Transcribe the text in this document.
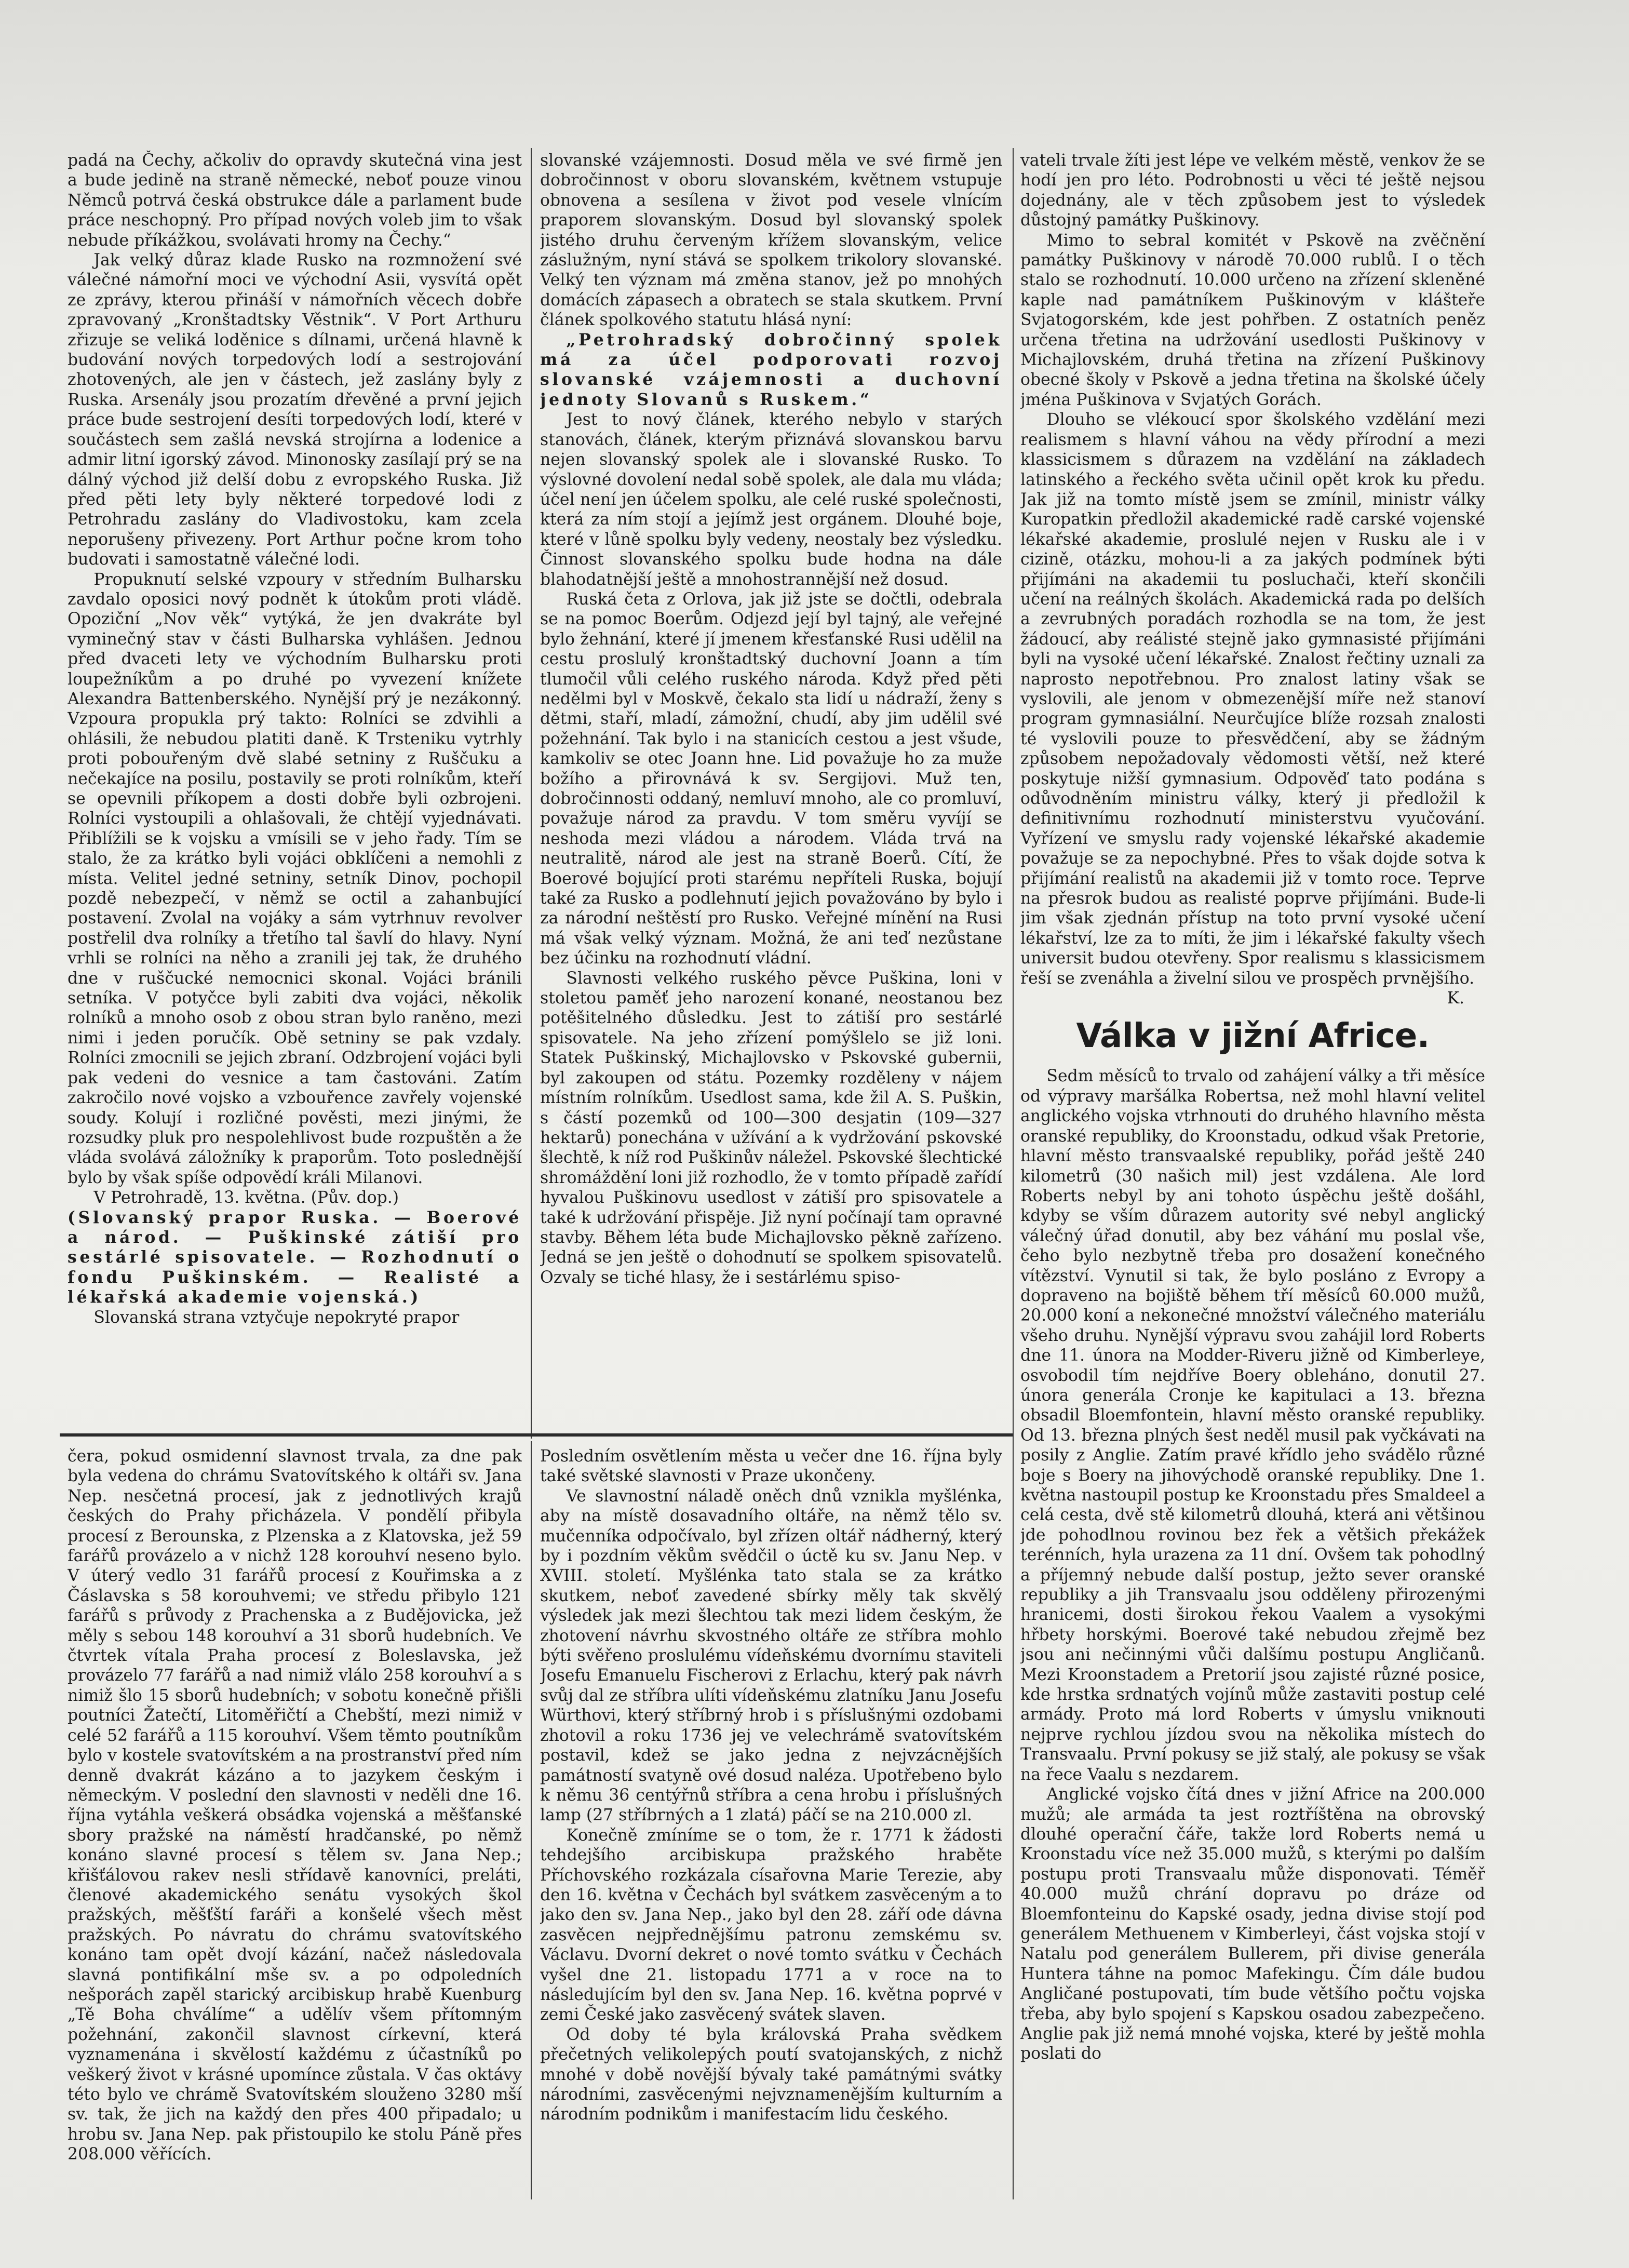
padá na Čechy, ačkoliv do opravdy skutečná vina jest a bude jedině na straně německé, neboť pouze vinou Němců potrvá česká obstrukce dále a parlament bude práce neschopný. Pro případ nových voleb jim to však nebude příkážkou, svolávati hromy na Čechy.“

Jak velký důraz klade Rusko na rozmnožení své válečné námořní moci ve východní Asii, vysvítá opět ze zprávy, kterou přináší v námořních věcech dobře zpravovaný „Kronštadtsky Věstnik“. V Port Arthuru zřizuje se veliká loděnice s dílnami, určená hlavně k budování nových torpedových lodí a sestrojování zhotovených, ale jen v částech, jež zaslány byly z Ruska. Arsenály jsou prozatím dřevěné a první jejich práce bude sestrojení desíti torpedových lodí, které v součástech sem zašlá nevská strojírna a lodenice a admir litní igorský závod. Minonosky zasílají prý se na dálný východ již delší dobu z evropského Ruska. Již před pěti lety byly některé torpedové lodi z Petrohradu zaslány do Vladivostoku, kam zcela neporušeny přivezeny. Port Arthur počne krom toho budovati i samostatně válečné lodi.

Propuknutí selské vzpoury v středním Bulharsku zavdalo oposici nový podnět k útokům proti vládě. Opoziční „Nov věk“ vytýká, že jen dvakráte byl vyminečný stav v části Bulharska vyhlášen. Jednou před dvaceti lety ve východním Bulharsku proti loupežníkům a po druhé po vyvezení knížete Alexandra Battenberského. Nynější prý je nezákonný. Vzpoura propukla prý takto: Rolníci se zdvihli a ohlásili, že nebudou platiti daně. K Trsteniku vytrhly proti pobouřeným dvě slabé setniny z Ruščuku a nečekajíce na posilu, postavily se proti rolníkům, kteří se opevnili příkopem a dosti dobře byli ozbrojeni. Rolníci vystoupili a ohlašovali, že chtějí vyjednávati. Přiblížili se k vojsku a vmísili se v jeho řady. Tím se stalo, že za krátko byli vojáci obklíčeni a nemohli z místa. Velitel jedné setniny, setník Dinov, pochopil pozdě nebezpečí, v němž se octil a zahanbující postavení. Zvolal na vojáky a sám vytrhnuv revolver postřelil dva rolníky a třetího tal šavlí do hlavy. Nyní vrhli se rolníci na něho a zranili jej tak, že druhého dne v ruščucké nemocnici skonal. Vojáci bránili setníka. V potyčce byli zabiti dva vojáci, několik rolníků a mnoho osob z obou stran bylo raněno, mezi nimi i jeden poručík. Obě setniny se pak vzdaly. Rolníci zmocnili se jejich zbraní. Odzbrojení vojáci byli pak vedeni do vesnice a tam častováni. Zatím zakročilo nové vojsko a vzbouřence zavřely vojenské soudy. Kolují i rozličné pověsti, mezi jinými, že rozsudky pluk pro nespolehlivost bude rozpuštěn a že vláda svolává záložníky k praporům. Toto poslednější bylo by však spíše odpovědí králi Milanovi.

V Petrohradě, 13. května. (Pův. dop.)

(Slovanský prapor Ruska. — Boerové a národ. — Puškinské zátiší pro sestárlé spisovatele. — Rozhodnutí o fondu Puškinském. — Realisté a lékařská akademie vojenská.)

Slovanská strana vztyčuje nepokryté prapor

slovanské vzájemnosti. Dosud měla ve své firmě jen dobročinnost v oboru slovanském, květnem vstupuje obnovena a sesílena v život pod vesele vlnícím praporem slovanským. Dosud byl slovanský spolek jistého druhu červeným křížem slovanským, velice záslužným, nyní stává se spolkem trikolory slovanské. Velký ten význam má změna stanov, jež po mnohých domácích zápasech a obratech se stala skutkem. První článek spolkového statutu hlásá nyní:

„Petrohradský dobročinný spolek má za účel podporovati rozvoj slovanské vzájemnosti a duchovní jednoty Slovanů s Ruskem.“

Jest to nový článek, kterého nebylo v starých stanovách, článek, kterým přiznává slovanskou barvu nejen slovanský spolek ale i slovanské Rusko. To výslovné dovolení nedal sobě spolek, ale dala mu vláda; účel není jen účelem spolku, ale celé ruské společnosti, která za ním stojí a jejímž jest orgánem. Dlouhé boje, které v lůně spolku byly vedeny, neostaly bez výsledku. Činnost slovanského spolku bude hodna na dále blahodatnější ještě a mnohostrannější než dosud.

Ruská četa z Orlova, jak již jste se dočtli, odebrala se na pomoc Boerům. Odjezd její byl tajný, ale veřejné bylo žehnání, které jí jmenem křesťanské Rusi udělil na cestu proslulý kronštadtský duchovní Joann a tím tlumočil vůli celého ruského národa. Když před pěti nedělmi byl v Moskvě, čekalo sta lidí u nádraží, ženy s dětmi, staří, mladí, zámožní, chudí, aby jim udělil své požehnání. Tak bylo i na stanicích cestou a jest všude, kamkoliv se otec Joann hne. Lid považuje ho za muže božího a přirovnává k sv. Sergijovi. Muž ten, dobročinnosti oddaný, nemluví mnoho, ale co promluví, považuje národ za pravdu. V tom směru vyvíjí se neshoda mezi vládou a národem. Vláda trvá na neutralitě, národ ale jest na straně Boerů. Cítí, že Boerové bojující proti starému nepříteli Ruska, bojují také za Rusko a podlehnutí jejich považováno by bylo i za národní neštěstí pro Rusko. Veřejné mínění na Rusi má však velký význam. Možná, že ani teď nezůstane bez účinku na rozhodnutí vládní.

Slavnosti velkého ruského pěvce Puškina, loni v stoletou paměť jeho narození konané, neostanou bez potěšitelného důsledku. Jest to zátiší pro sestárlé spisovatele. Na jeho zřízení pomýšlelo se již loni. Statek Puškinský, Michajlovsko v Pskovské gubernii, byl zakoupen od státu. Pozemky rozděleny v nájem místním rolníkům. Usedlost sama, kde žil A. S. Puškin, s částí pozemků od 100—300 desjatin (109—327 hektarů) ponechána v užívání a k vydržování pskovské šlechtě, k níž rod Puškinův náležel. Pskovské šlechtické shromáždění loni již rozhodlo, že v tomto případě zařídí hyvalou Puškinovu usedlost v zátiší pro spisovatele a také k udržování přispěje. Již nyní počínají tam opravné stavby. Během léta bude Michajlovsko pěkně zařízeno. Jedná se jen ještě o dohodnutí se spolkem spisovatelů. Ozvaly se tiché hlasy, že i sestárlému spiso-

vateli trvale žíti jest lépe ve velkém městě, venkov že se hodí jen pro léto. Podrobnosti u věci té ještě nejsou dojednány, ale v těch způsobem jest to výsledek důstojný památky Puškinovy.

Mimo to sebral komitét v Pskově na zvěčnění památky Puškinovy v národě 70.000 rublů. I o těch stalo se rozhodnutí. 10.000 určeno na zřízení skleněné kaple nad památníkem Puškinovým v klášteře Svjatogorském, kde jest pohřben. Z ostatních peněz určena třetina na udržování usedlosti Puškinovy v Michajlovském, druhá třetina na zřízení Puškinovy obecné školy v Pskově a jedna třetina na školské účely jména Puškinova v Svjatých Gorách.

Dlouho se vlékoucí spor školského vzdělání mezi realismem s hlavní váhou na vědy přírodní a mezi klassicismem s důrazem na vzdělání na základech latinského a řeckého světa učinil opět krok ku předu. Jak již na tomto místě jsem se zmínil, ministr války Kuropatkin předložil akademické radě carské vojenské lékařské akademie, proslulé nejen v Rusku ale i v cizině, otázku, mohou-li a za jakých podmínek býti přijímáni na akademii tu posluchači, kteří skončili učení na reálných školách. Akademická rada po delších a zevrubných poradách rozhodla se na tom, že jest žádoucí, aby reálisté stejně jako gymnasisté přijímáni byli na vysoké učení lékařské. Znalost řečtiny uznali za naprosto nepotřebnou. Pro znalost latiny však se vyslovili, ale jenom v obmezenější míře než stanoví program gymnasiální. Neurčujíce blíže rozsah znalosti té vyslovili pouze to přesvědčení, aby se žádným způsobem nepožadovaly vědomosti větší, než které poskytuje nižší gymnasium. Odpověď tato podána s odůvodněním ministru války, který ji předložil k definitivnímu rozhodnutí ministerstvu vyučování. Vyřízení ve smyslu rady vojenské lékařské akademie považuje se za nepochybné. Přes to však dojde sotva k přijímání realistů na akademii již v tomto roce. Teprve na přesrok budou as realisté poprve přijímáni. Bude-li jim však zjednán přístup na toto první vysoké učení lékařství, lze za to míti, že jim i lékařské fakulty všech universit budou otevřeny. Spor realismu s klassicismem řeší se zvenáhla a živelní silou ve prospěch prvnějšího.

K.

Válka v jižní Africe.

Sedm měsíců to trvalo od zahájení války a tři měsíce od výpravy maršálka Robertsa, než mohl hlavní velitel anglického vojska vtrhnouti do druhého hlavního města oranské republiky, do Kroonstadu, odkud však Pretorie, hlavní město transvaalské republiky, pořád ještě 240 kilometrů (30 našich mil) jest vzdálena. Ale lord Roberts nebyl by ani tohoto úspěchu ještě došáhl, kdyby se vším důrazem autority své nebyl anglický válečný úřad donutil, aby bez váhání mu poslal vše, čeho bylo nezbytně třeba pro dosažení konečného vítězství. Vynutil si tak, že bylo posláno z Evropy a dopraveno na bojiště během tří měsíců 60.000 mužů, 20.000 koní a nekonečné množství válečného materiálu všeho druhu. Nynější výpravu svou zahájil lord Roberts dne 11. února na Modder-Riveru jižně od Kimberleye, osvobodil tím nejdříve Boery obleháno, donutil 27. února generála Cronje ke kapitulaci a 13. března obsadil Bloemfontein, hlavní město oranské republiky. Od 13. března plných šest neděl musil pak vyčkávati na posily z Anglie. Zatím pravé křídlo jeho svádělo různé boje s Boery na jihovýchodě oranské republiky. Dne 1. května nastoupil postup ke Kroonstadu přes Smaldeel a celá cesta, dvě stě kilometrů dlouhá, která ani většinou jde pohodlnou rovinou bez řek a většich překážek terénních, hyla urazena za 11 dní. Ovšem tak pohodlný a příjemný nebude další postup, ježto sever oranské republiky a jih Transvaalu jsou odděleny přirozenými hranicemi, dosti širokou řekou Vaalem a vysokými hřbety horskými. Boerové také nebudou zřejmě bez jsou ani nečinnými vůči dalšímu postupu Angličanů. Mezi Kroonstadem a Pretorií jsou zajisté různé posice, kde hrstka srdnatých vojínů může zastaviti postup celé armády. Proto má lord Roberts v úmyslu vniknouti nejprve rychlou jízdou svou na několika místech do Transvaalu. První pokusy se již stalý, ale pokusy se však na řece Vaalu s nezdarem.

Anglické vojsko čítá dnes v jižní Africe na 200.000 mužů; ale armáda ta jest roztříštěna na obrovský dlouhé operační čáře, takže lord Roberts nemá u Kroonstadu více než 35.000 mužů, s kterými po dalším postupu proti Transvaalu může disponovati. Téměř 40.000 mužů chrání dopravu po dráze od Bloemfonteinu do Kapské osady, jedna divise stojí pod generálem Methuenem v Kimberleyi, část vojska stojí v Natalu pod generálem Bullerem, při divise generála Huntera táhne na pomoc Mafekingu. Čím dále budou Angličané postupovati, tím bude většího počtu vojska třeba, aby bylo spojení s Kapskou osadou zabezpečeno. Anglie pak již nemá mnohé vojska, které by ještě mohla poslati do

čera, pokud osmidenní slavnost trvala, za dne pak byla vedena do chrámu Svatovítského k oltáři sv. Jana Nep. nesčetná procesí, jak z jednotlivých krajů českých do Prahy přicházela. V pondělí přibyla procesí z Berounska, z Plzenska a z Klatovska, jež 59 farářů provázelo a v nichž 128 korouhví neseno bylo. V úterý vedlo 31 farářů procesí z Kouřimska a z Čáslavska s 58 korouhvemi; ve středu přibylo 121 farářů s průvody z Prachenska a z Budějovicka, jež měly s sebou 148 korouhví a 31 sborů hudebních. Ve čtvrtek vítala Praha procesí z Boleslavska, jež provázelo 77 farářů a nad nimiž vlálo 258 korouhví a s nimiž šlo 15 sborů hudebních; v sobotu konečně přišli poutníci Žatečtí, Litoměřičtí a Chebští, mezi nimiž v celé 52 farářů a 115 korouhví. Všem těmto poutníkům bylo v kostele svatovítském a na prostranství před ním denně dvakrát kázáno a to jazykem českým i německým. V poslední den slavnosti v neděli dne 16. října vytáhla veškerá obsádka vojenská a měšťanské sbory pražské na náměstí hradčanské, po němž konáno slavné procesí s tělem sv. Jana Nep.; křišťálovou rakev nesli střídavě kanovníci, preláti, členové akademického senátu vysokých škol pražských, měšťští faráři a konšelé všech měst pražských. Po návratu do chrámu svatovítského konáno tam opět dvojí kázání, načež následovala slavná pontifikální mše sv. a po odpoledních nešporách zapěl starický arcibiskup hrabě Kuenburg „Tě Boha chválíme“ a udělív všem přítomným požehnání, zakončil slavnost církevní, která vyznamenána i skvělostí každému z účastníků po veškerý život v krásné upomínce zůstala. V čas oktávy této bylo ve chrámě Svatovítském slouženo 3280 mší sv. tak, že jich na každý den přes 400 připadalo; u hrobu sv. Jana Nep. pak přistoupilo ke stolu Páně přes 208.000 věřících.

Posledním osvětlením města u večer dne 16. října byly také světské slavnosti v Praze ukončeny.

Ve slavnostní náladě oněch dnů vznikla myšlénka, aby na místě dosavadního oltáře, na němž tělo sv. mučenníka odpočívalo, byl zřízen oltář nádherný, který by i pozdním věkům svědčil o úctě ku sv. Janu Nep. v XVIII. století. Myšlénka tato stala se za krátko skutkem, neboť zavedené sbírky měly tak skvělý výsledek jak mezi šlechtou tak mezi lidem českým, že zhotovení návrhu skvostného oltáře ze stříbra mohlo býti svěřeno proslulému vídeňskému dvornímu staviteli Josefu Emanuelu Fischerovi z Erlachu, který pak návrh svůj dal ze stříbra ulíti vídeňskému zlatníku Janu Josefu Würthovi, který stříbrný hrob i s příslušnými ozdobami zhotovil a roku 1736 jej ve velechrámě svatovítském postavil, kdež se jako jedna z nejvzácnějších památností svatyně ové dosud naléza. Upotřebeno bylo k němu 36 centýřnů stříbra a cena hrobu i příslušných lamp (27 stříbrných a 1 zlatá) páčí se na 210.000 zl.

Konečně zmíníme se o tom, že r. 1771 k žádosti tehdejšího arcibiskupa pražského hraběte Příchovského rozkázala císařovna Marie Terezie, aby den 16. května v Čechách byl svátkem zasvěceným a to jako den sv. Jana Nep., jako byl den 28. září ode dávna zasvěcen nejpřednějšímu patronu zemskému sv. Václavu. Dvorní dekret o nové tomto svátku v Čechách vyšel dne 21. listopadu 1771 a v roce na to následujícím byl den sv. Jana Nep. 16. května poprvé v zemi České jako zasvěcený svátek slaven.

Od doby té byla královská Praha svědkem přečetných velikolepých poutí svatojanských, z nichž mnohé v době novější bývaly také památnými svátky národními, zasvěcenými nejvznamenějším kulturním a národním podnikům i manifestacím lidu českého.
